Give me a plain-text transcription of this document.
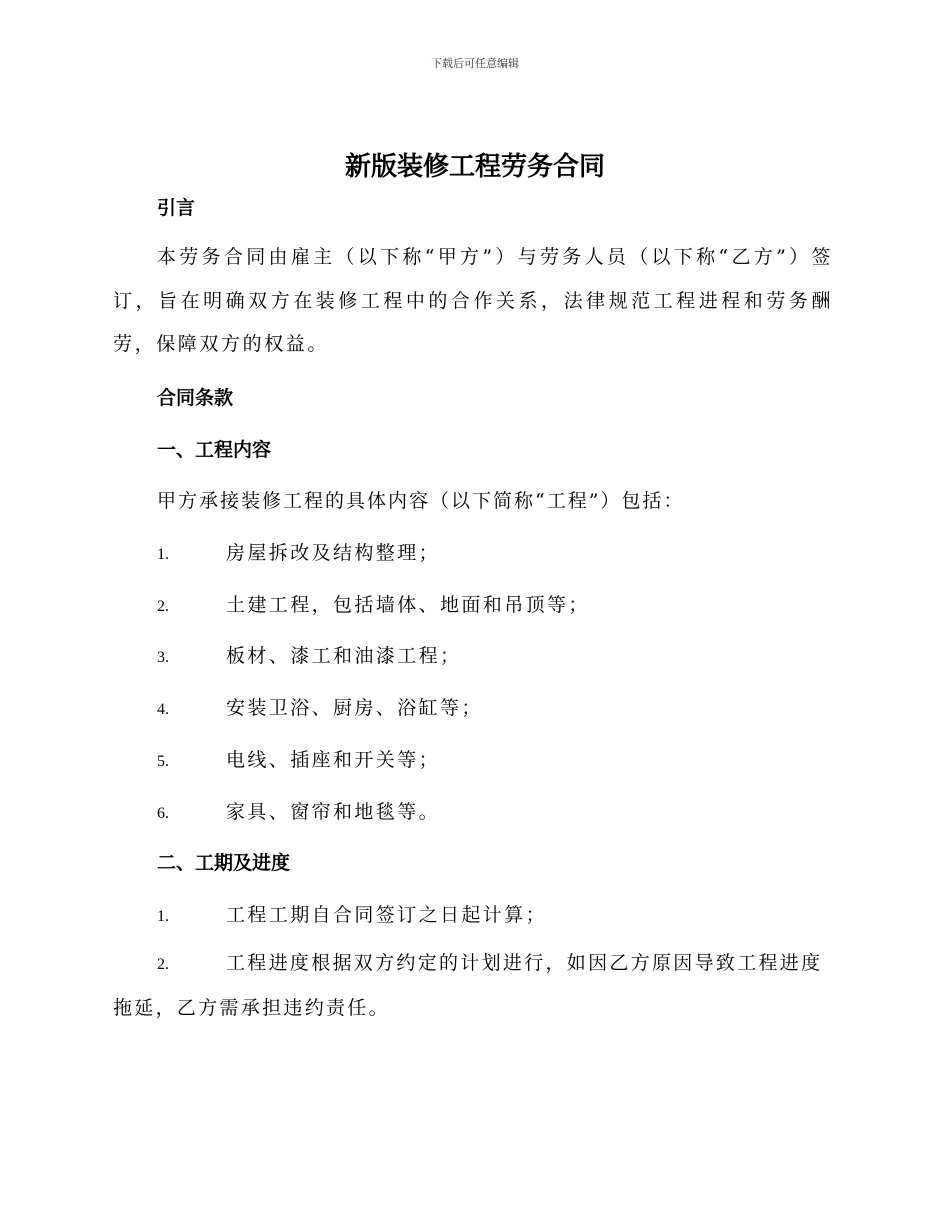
下载后可任意编辑
新版装修工程劳务合同
引言
本劳务合同由雇主（以下称“甲方”）与劳务人员（以下称“乙方”）签订，旨在明确双方在装修工程中的合作关系，法律规范工程进程和劳务酬劳，保障双方的权益。
合同条款
一、工程内容
甲方承接装修工程的具体内容（以下简称“工程”）包括：
1.	房屋拆改及结构整理；
2.	土建工程，包括墙体、地面和吊顶等；
3.	板材、漆工和油漆工程；
4.	安装卫浴、厨房、浴缸等；
5.	电线、插座和开关等；
6.	家具、窗帘和地毯等。
二、工期及进度
1.	工程工期自合同签订之日起计算；
2.	工程进度根据双方约定的计划进行，如因乙方原因导致工程进度拖延，乙方需承担违约责任。
